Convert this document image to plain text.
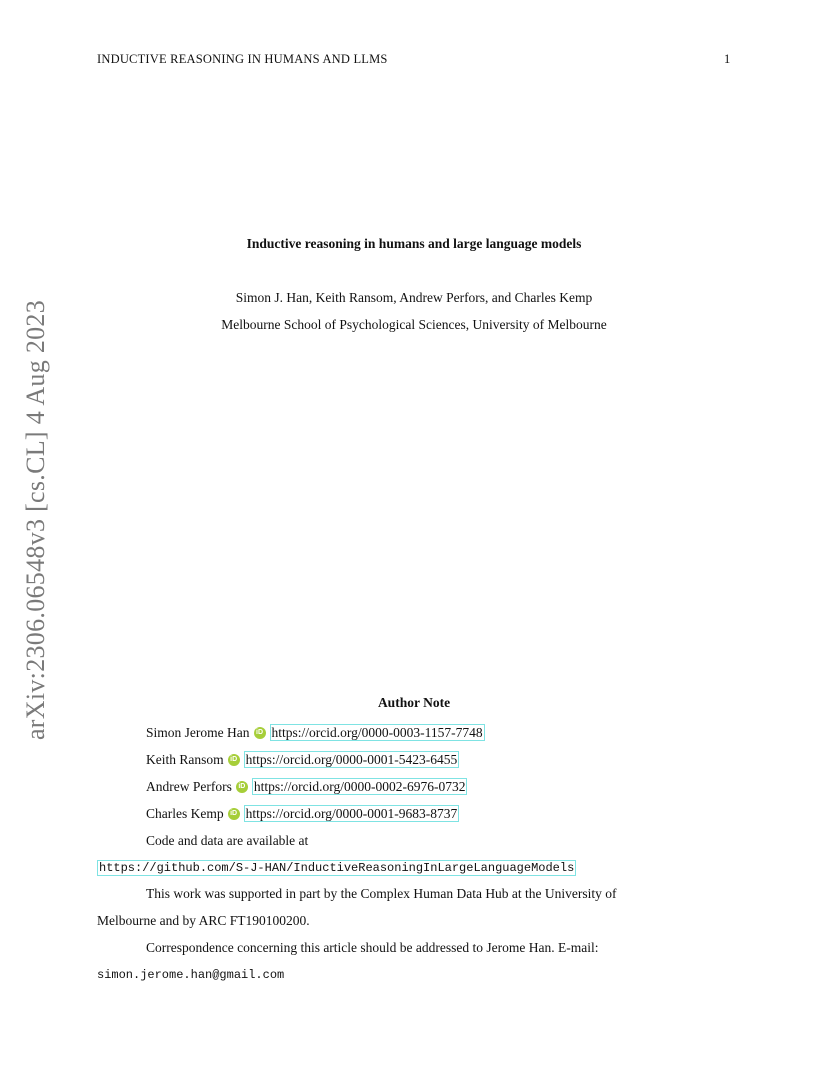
INDUCTIVE REASONING IN HUMANS AND LLMS	1
arXiv:2306.06548v3 [cs.CL] 4 Aug 2023
Inductive reasoning in humans and large language models
Simon J. Han, Keith Ransom, Andrew Perfors, and Charles Kemp
Melbourne School of Psychological Sciences, University of Melbourne
Author Note
Simon Jerome Han iD https://orcid.org/0000-0003-1157-7748
Keith Ransom iD https://orcid.org/0000-0001-5423-6455
Andrew Perfors iD https://orcid.org/0000-0002-6976-0732
Charles Kemp iD https://orcid.org/0000-0001-9683-8737
Code and data are available at
https://github.com/S-J-HAN/InductiveReasoningInLargeLanguageModels
This work was supported in part by the Complex Human Data Hub at the University of
Melbourne and by ARC FT190100200.
Correspondence concerning this article should be addressed to Jerome Han. E-mail:
simon.jerome.han@gmail.com
